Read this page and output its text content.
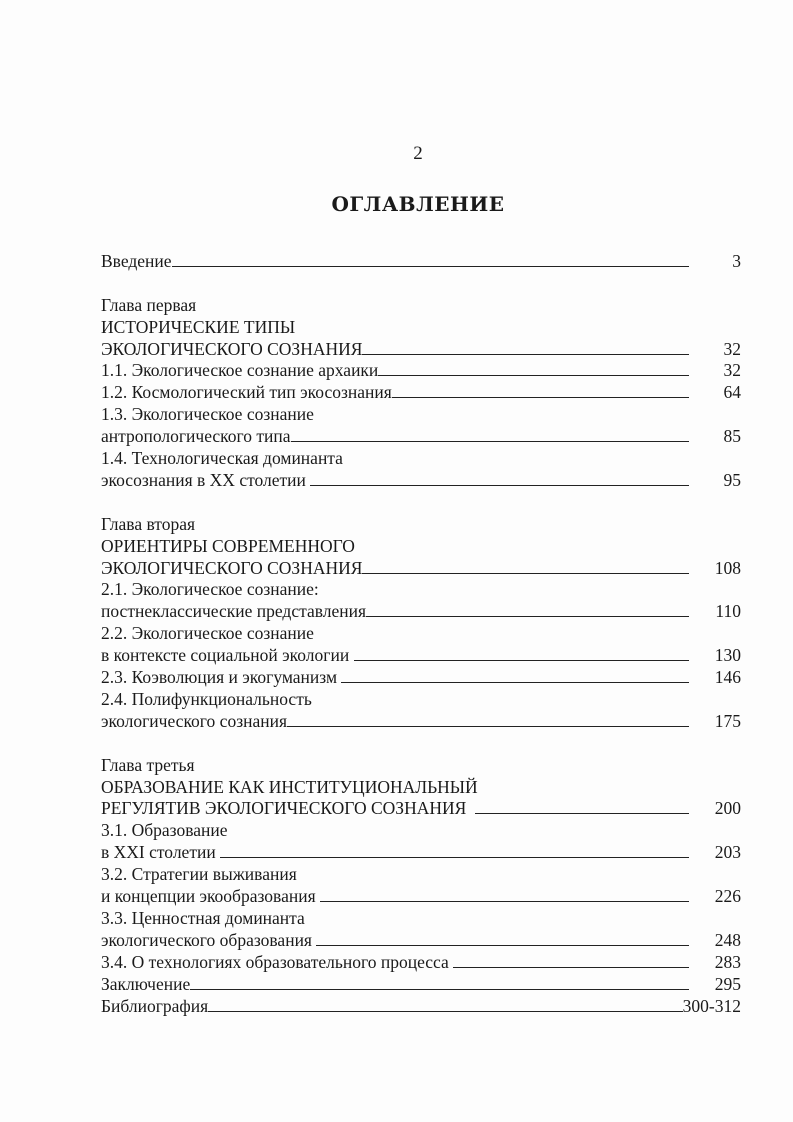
2
ОГЛАВЛЕНИЕ
Введение	3
Глава первая
ИСТОРИЧЕСКИЕ ТИПЫ
ЭКОЛОГИЧЕСКОГО СОЗНАНИЯ	32
1.1. Экологическое сознание архаики	32
1.2. Космологический тип экосознания	64
1.3. Экологическое сознание
антропологического типа	85
1.4. Технологическая доминанта
экосознания в XX столетии	95
Глава вторая
ОРИЕНТИРЫ СОВРЕМЕННОГО
ЭКОЛОГИЧЕСКОГО СОЗНАНИЯ	108
2.1. Экологическое сознание:
постнеклассические представления	110
2.2. Экологическое сознание
в контексте социальной экологии	130
2.3. Коэволюция и экогуманизм	146
2.4. Полифункциональность
экологического сознания	175
Глава третья
ОБРАЗОВАНИЕ КАК ИНСТИТУЦИОНАЛЬНЫЙ
РЕГУЛЯТИВ ЭКОЛОГИЧЕСКОГО СОЗНАНИЯ	200
3.1. Образование
в XXI столетии	203
3.2. Стратегии выживания
и концепции экообразования	226
3.3. Ценностная доминанта
экологического образования	248
3.4. О технологиях образовательного процесса	283
Заключение	295
Библиография	300-312
